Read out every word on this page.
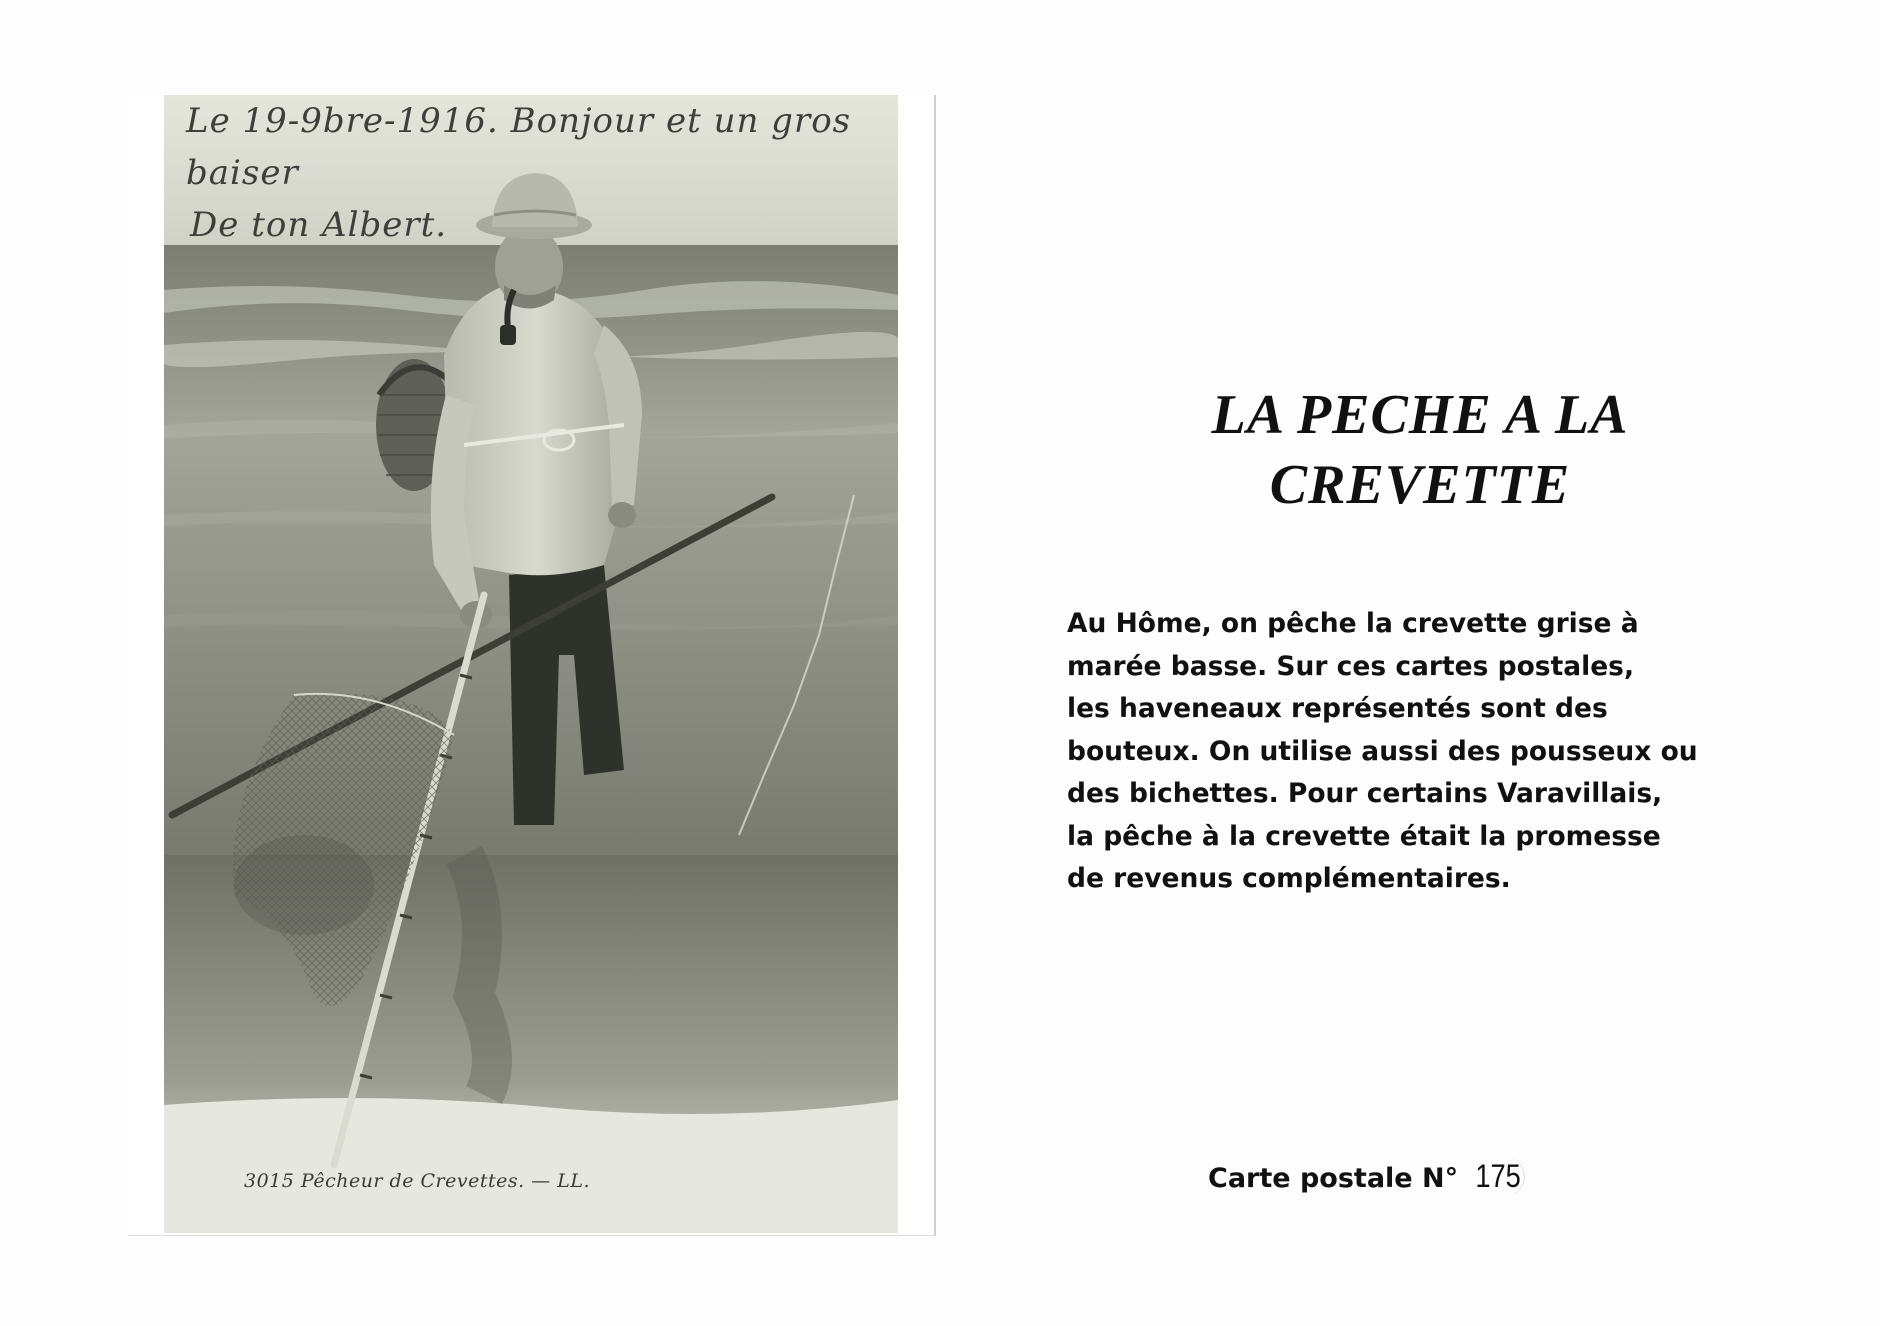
Le 19-9bre-1916. Bonjour et un gros baiser
De ton Albert.
3015 Pêcheur de Crevettes. — LL.
LA PECHE A LA
CREVETTE
Au Hôme, on pêche la crevette grise à
marée basse. Sur ces cartes postales,
les haveneaux représentés sont des
bouteux. On utilise aussi des pousseux ou
des bichettes. Pour certains Varavillais,
la pêche à la crevette était la promesse
de revenus complémentaires.
Carte postale N° 175
